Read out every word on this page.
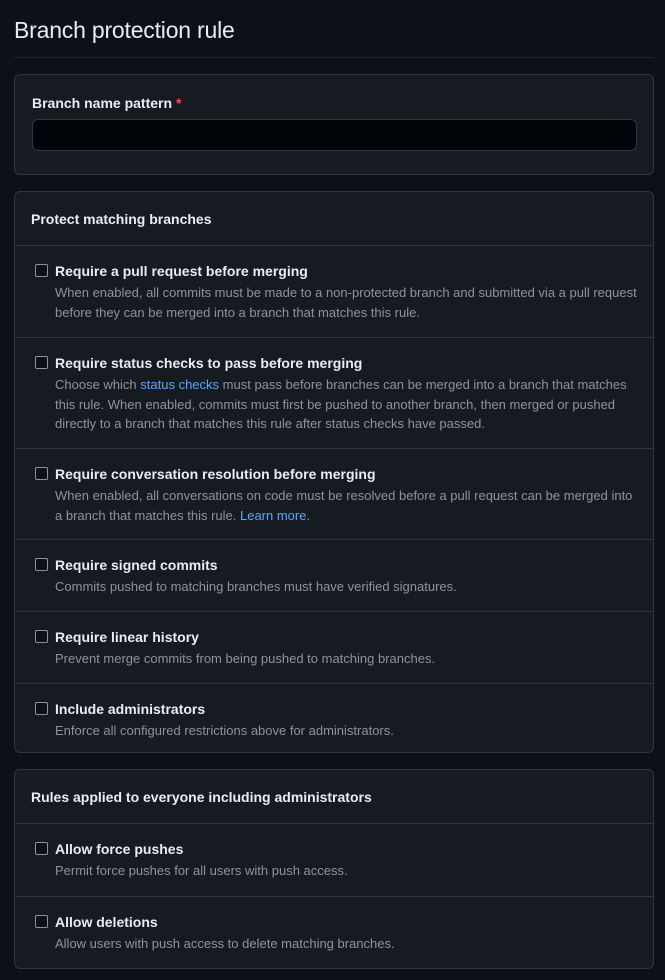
Branch protection rule
Branch name pattern *
Protect matching branches
Require a pull request before merging
When enabled, all commits must be made to a non-protected branch and submitted via a pull request before they can be merged into a branch that matches this rule.
Require status checks to pass before merging
Choose which status checks must pass before branches can be merged into a branch that matches this rule. When enabled, commits must first be pushed to another branch, then merged or pushed directly to a branch that matches this rule after status checks have passed.
Require conversation resolution before merging
When enabled, all conversations on code must be resolved before a pull request can be merged into a branch that matches this rule. Learn more.
Require signed commits
Commits pushed to matching branches must have verified signatures.
Require linear history
Prevent merge commits from being pushed to matching branches.
Include administrators
Enforce all configured restrictions above for administrators.
Rules applied to everyone including administrators
Allow force pushes
Permit force pushes for all users with push access.
Allow deletions
Allow users with push access to delete matching branches.
